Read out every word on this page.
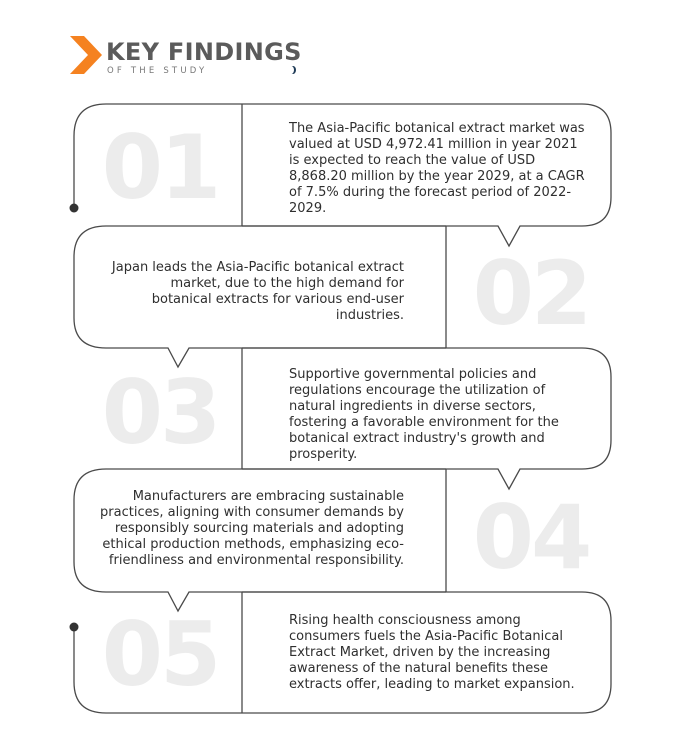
KEY FINDINGS
OF THE STUDY
01	The Asia-Pacific botanical extract market was valued at USD 4,972.41 million in year 2021 is expected to reach the value of USD 8,868.20 million by the year 2029, at a CAGR of 7.5% during the forecast period of 2022-2029.
02
Japan leads the Asia-Pacific botanical extract market, due to the high demand for botanical extracts for various end-user industries.
03	Supportive governmental policies and regulations encourage the utilization of natural ingredients in diverse sectors, fostering a favorable environment for the botanical extract industry's growth and prosperity.
04
Manufacturers are embracing sustainable practices, aligning with consumer demands by responsibly sourcing materials and adopting ethical production methods, emphasizing eco-friendliness and environmental responsibility.
05	Rising health consciousness among consumers fuels the Asia-Pacific Botanical Extract Market, driven by the increasing awareness of the natural benefits these extracts offer, leading to market expansion.
